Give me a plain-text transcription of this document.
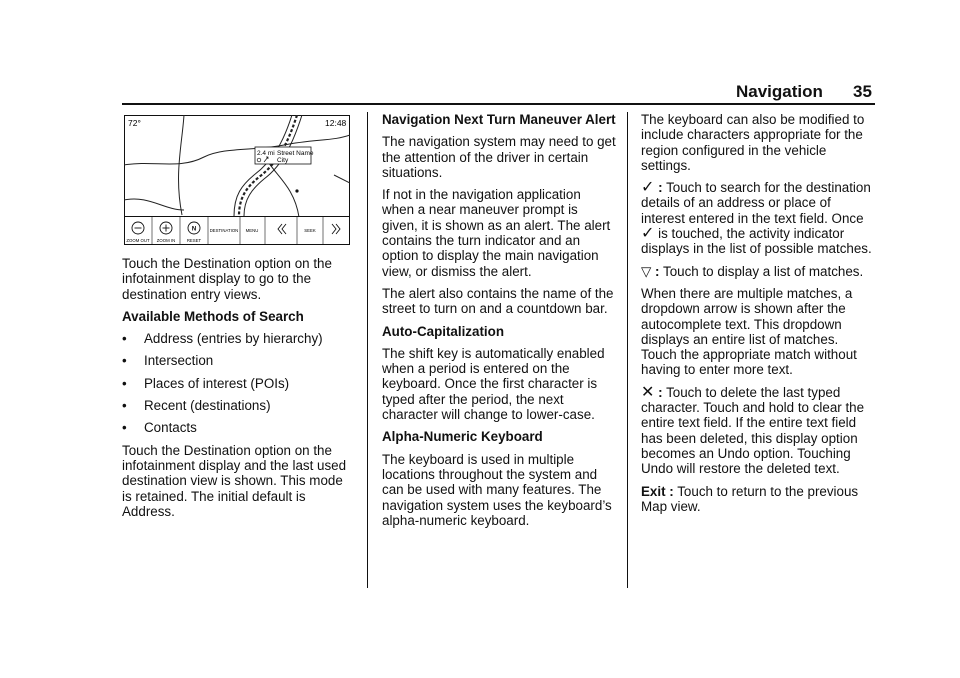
Navigation 35
72°	12:48
2.4 mi Street Name
City
ZOOM OUT ZOOM IN
N
RESET
DESTINATION MENU	SEEK

Touch the Destination option on the infotainment display to go to the destination entry views.

Available Methods of Search
• Address (entries by hierarchy)
• Intersection
• Places of interest (POIs)
• Recent (destinations)
• Contacts

Touch the Destination option on the infotainment display and the last used destination view is shown. This mode is retained. The initial default is Address.

Navigation Next Turn Maneuver Alert

The navigation system may need to get the attention of the driver in certain situations.

If not in the navigation application when a near maneuver prompt is given, it is shown as an alert. The alert contains the turn indicator and an option to display the main navigation view, or dismiss the alert.

The alert also contains the name of the street to turn on and a countdown bar.

Auto-Capitalization

The shift key is automatically enabled when a period is entered on the keyboard. Once the first character is typed after the period, the next character will change to lower-case.

Alpha-Numeric Keyboard

The keyboard is used in multiple locations throughout the system and can be used with many features. The navigation system uses the keyboard’s alpha-numeric keyboard.

The keyboard can also be modified to include characters appropriate for the region configured in the vehicle settings.

✓ : Touch to search for the destination details of an address or place of interest entered in the text field. Once ✓ is touched, the activity indicator displays in the list of possible matches.

▽ : Touch to display a list of matches.

When there are multiple matches, a dropdown arrow is shown after the autocomplete text. This dropdown displays an entire list of matches. Touch the appropriate match without having to enter more text.

✕ : Touch to delete the last typed character. Touch and hold to clear the entire text field. If the entire text field has been deleted, this display option becomes an Undo option. Touching Undo will restore the deleted text.

Exit : Touch to return to the previous Map view.
